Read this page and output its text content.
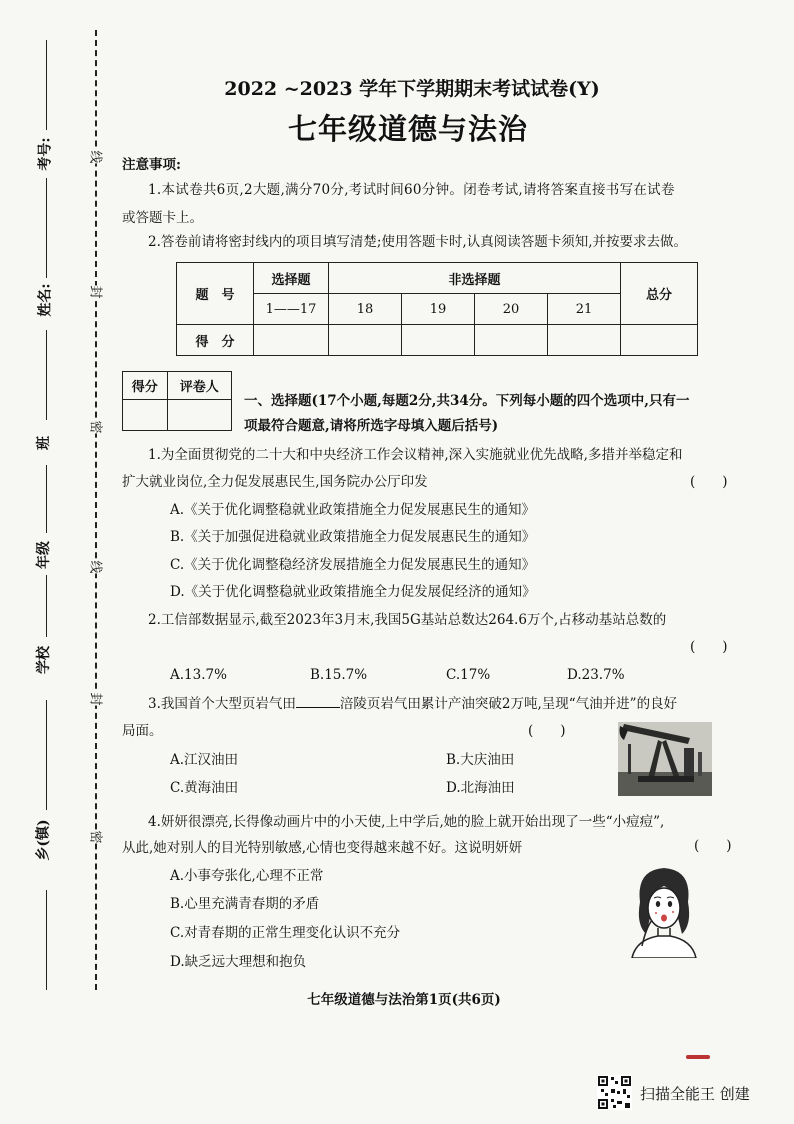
线
封
密
线
封
密
考号:
姓名:
班
年级
学校
乡(镇)
2022 ~2023 学年下学期期末考试试卷(Y)
七年级道德与法治
注意事项:
1.本试卷共6页,2大题,满分70分,考试时间60分钟。闭卷考试,请将答案直接书写在试卷
或答题卡上。
2.答卷前请将密封线内的项目填写清楚;使用答题卡时,认真阅读答题卡须知,并按要求去做。
题　号	选择题	非选择题				总分
	1——17	18	19	20	21	
得　分						
得分	评卷人

一、选择题(17个小题,每题2分,共34分。下列每小题的四个选项中,只有一
项最符合题意,请将所选字母填入题后括号)
1.为全面贯彻党的二十大和中央经济工作会议精神,深入实施就业优先战略,多措并举稳定和
扩大就业岗位,全力促发展惠民生,国务院办公厅印发	(　　)
A.《关于优化调整稳就业政策措施全力促发展惠民生的通知》
B.《关于加强促进稳就业政策措施全力促发展惠民生的通知》
C.《关于优化调整稳经济发展措施全力促发展惠民生的通知》
D.《关于优化调整稳就业政策措施全力促发展促经济的通知》
2.工信部数据显示,截至2023年3月末,我国5G基站总数达264.6万个,占移动基站总数的
(　　)
A.13.7%	B.15.7%	C.17%	D.23.7%
3.我国首个大型页岩气田	涪陵页岩气田累计产油突破2万吨,呈现“气油并进”的良好
局面。	(　　)
A.江汉油田	B.大庆油田
C.黄海油田	D.北海油田
4.妍妍很漂亮,长得像动画片中的小天使,上中学后,她的脸上就开始出现了一些“小痘痘”,
从此,她对别人的目光特别敏感,心情也变得越来越不好。这说明妍妍	(　　)
A.小事夸张化,心理不正常
B.心里充满青春期的矛盾
C.对青春期的正常生理变化认识不充分
D.缺乏远大理想和抱负
七年级道德与法治第1页(共6页)
扫描全能王 创建
